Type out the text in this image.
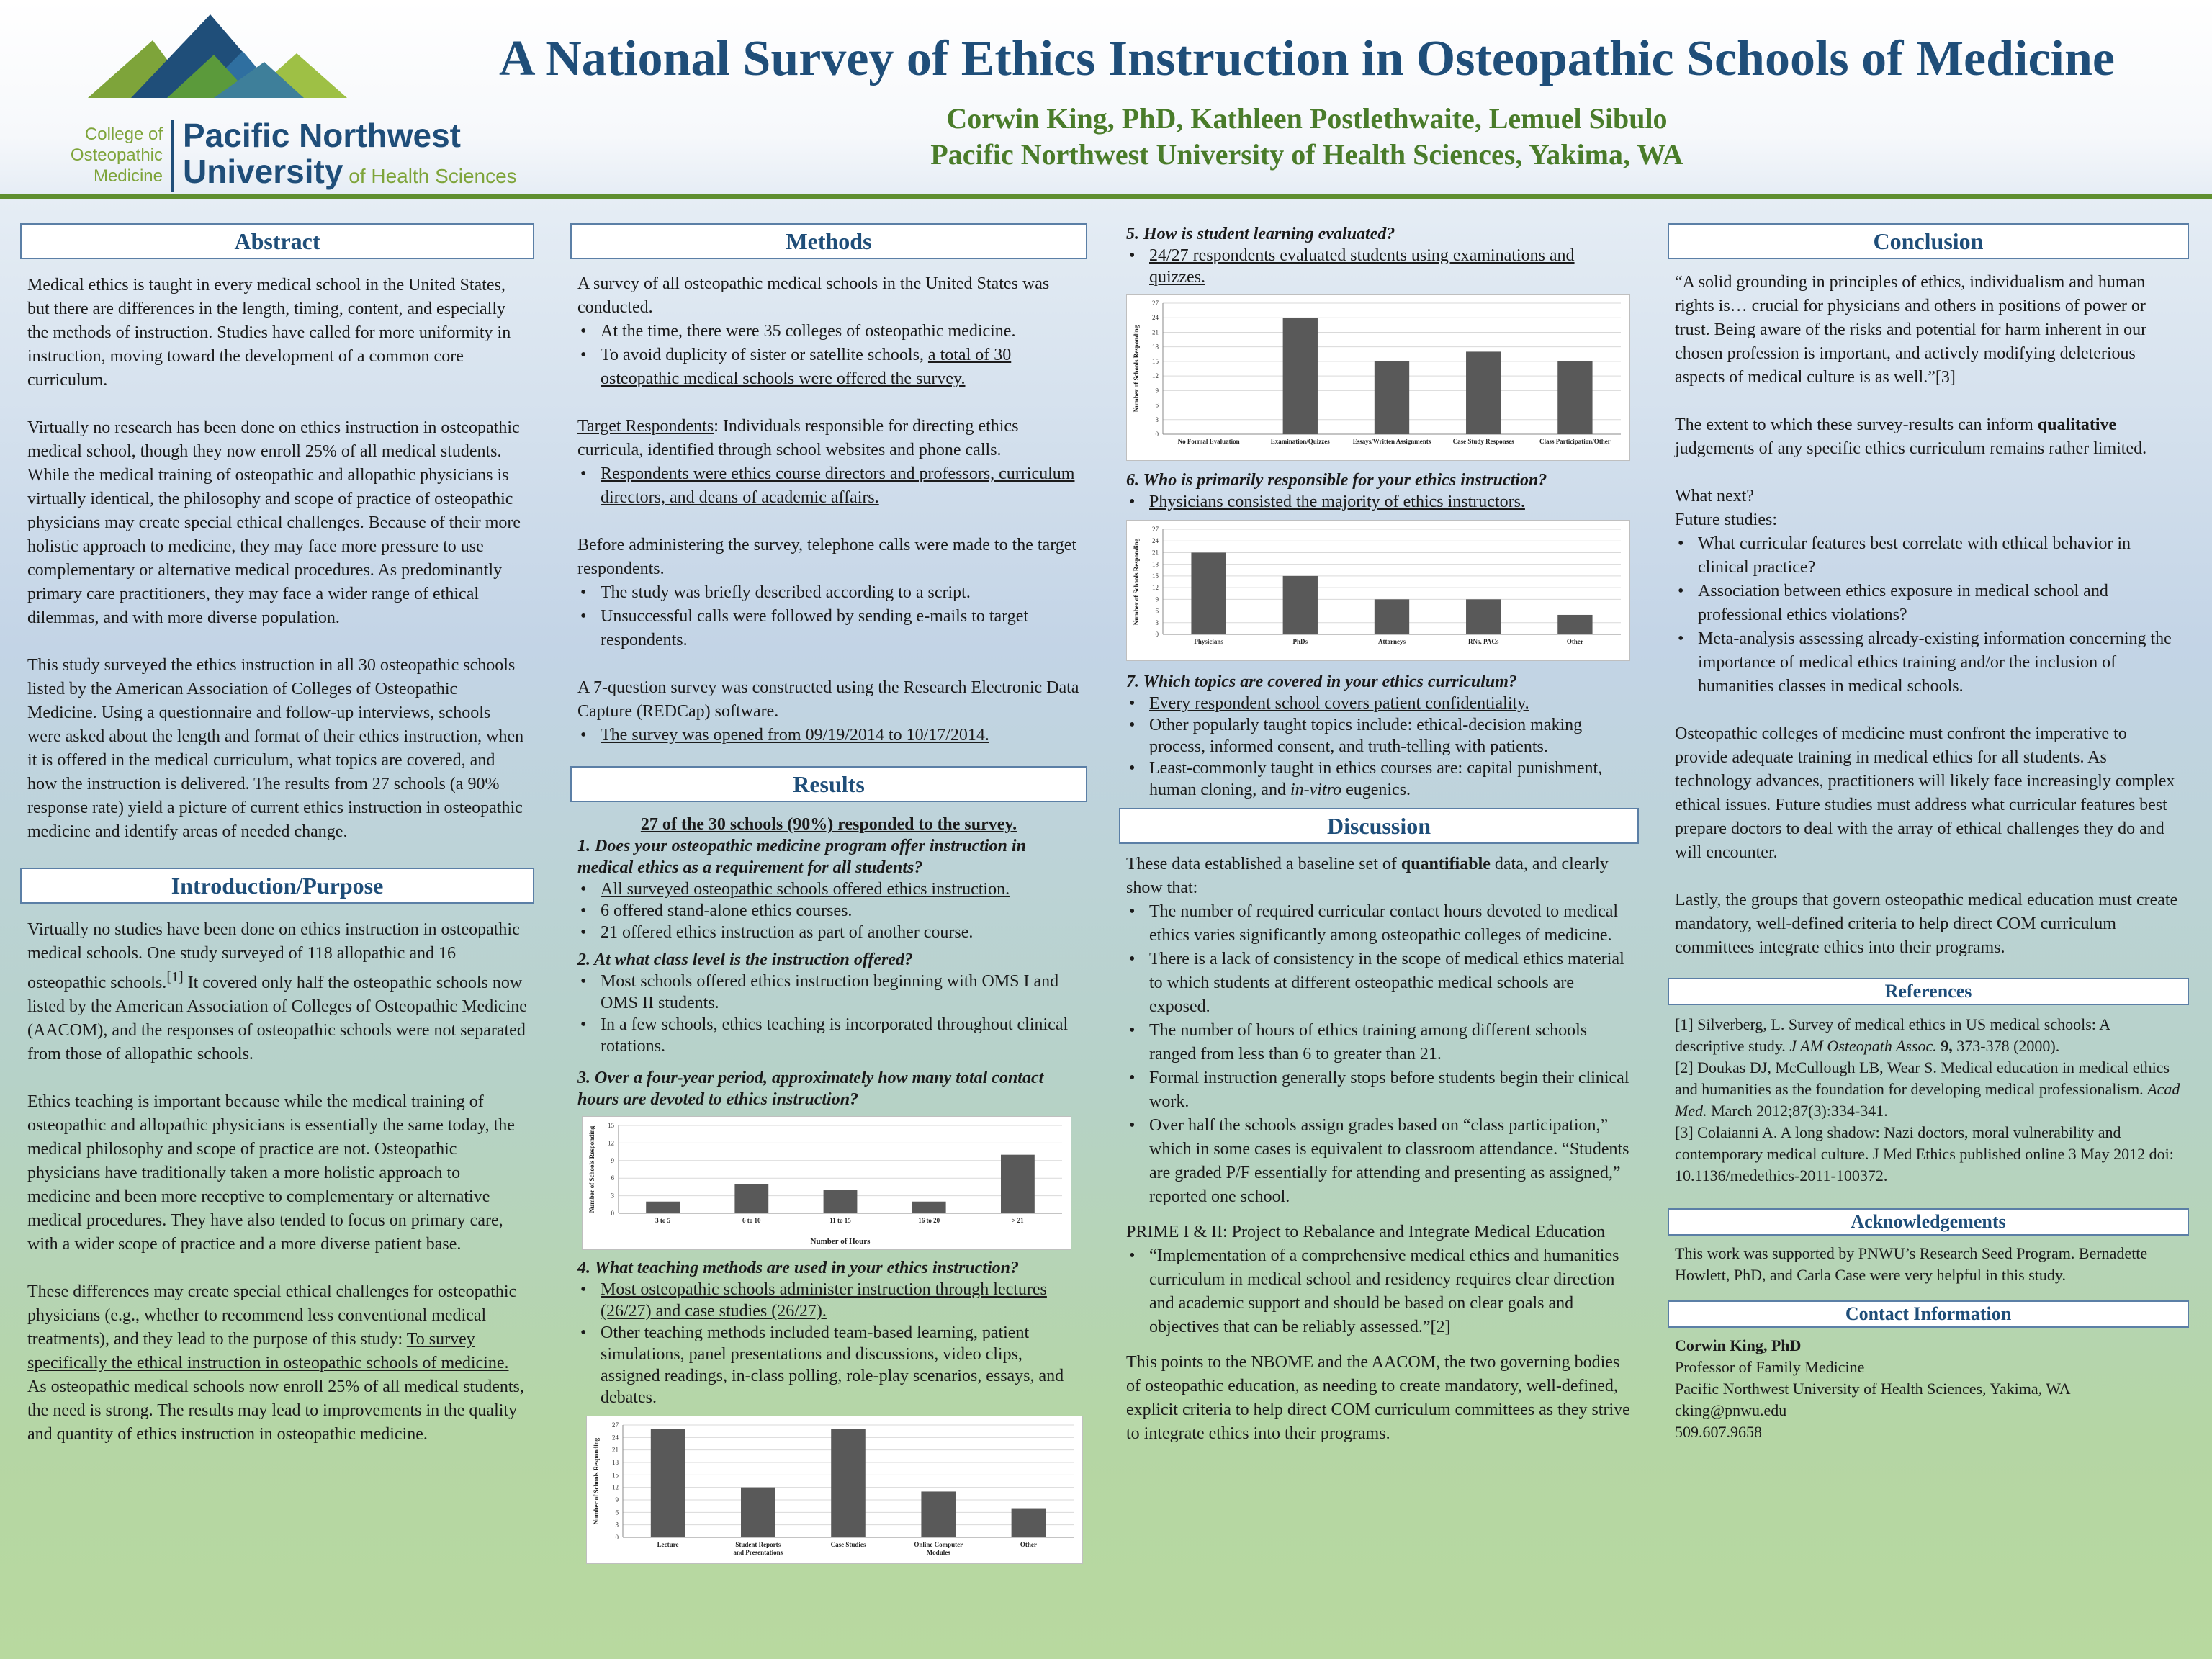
College of
Osteopathic
Medicine
Pacific Northwest
University of Health Sciences
A National Survey of Ethics Instruction in Osteopathic Schools of Medicine
Corwin King, PhD, Kathleen Postlethwaite, Lemuel Sibulo
Pacific Northwest University of Health Sciences, Yakima, WA
Abstract

Medical ethics is taught in every medical school in the United States, but there are differences in the length, timing, content, and especially the methods of instruction. Studies have called for more uniformity in instruction, moving toward the development of a common core curriculum.

Virtually no research has been done on ethics instruction in osteopathic medical school, though they now enroll 25% of all medical students. While the medical training of osteopathic and allopathic physicians is virtually identical, the philosophy and scope of practice of osteopathic physicians may create special ethical challenges. Because of their more holistic approach to medicine, they may face more pressure to use complementary or alternative medical procedures. As predominantly primary care practitioners, they may face a wider range of ethical dilemmas, and with more diverse population.

This study surveyed the ethics instruction in all 30 osteopathic schools listed by the American Association of Colleges of Osteopathic Medicine. Using a questionnaire and follow-up interviews, schools were asked about the length and format of their ethics instruction, when it is offered in the medical curriculum, what topics are covered, and how the instruction is delivered. The results from 27 schools (a 90% response rate) yield a picture of current ethics instruction in osteopathic medicine and identify areas of needed change.

Introduction/Purpose

Virtually no studies have been done on ethics instruction in osteopathic medical schools. One study surveyed of 118 allopathic and 16 osteopathic schools.[1] It covered only half the osteopathic schools now listed by the American Association of Colleges of Osteopathic Medicine (AACOM), and the responses of osteopathic schools were not separated from those of allopathic schools.

Ethics teaching is important because while the medical training of osteopathic and allopathic physicians is essentially the same today, the medical philosophy and scope of practice are not. Osteopathic physicians have traditionally taken a more holistic approach to medicine and been more receptive to complementary or alternative medical procedures. They have also tended to focus on primary care, with a wider scope of practice and a more diverse patient base.

These differences may create special ethical challenges for osteopathic physicians (e.g., whether to recommend less conventional medical treatments), and they lead to the purpose of this study: To survey specifically the ethical instruction in osteopathic schools of medicine. As osteopathic medical schools now enroll 25% of all medical students, the need is strong. The results may lead to improvements in the quality and quantity of ethics instruction in osteopathic medicine.

Methods
A survey of all osteopathic medical schools in the United States was conducted.
• At the time, there were 35 colleges of osteopathic medicine.
• To avoid duplicity of sister or satellite schools, a total of 30 osteopathic medical schools were offered the survey.
Target Respondents: Individuals responsible for directing ethics curricula, identified through school websites and phone calls.
• Respondents were ethics course directors and professors, curriculum directors, and deans of academic affairs.
Before administering the survey, telephone calls were made to the target respondents.
• The study was briefly described according to a script.
• Unsuccessful calls were followed by sending e-mails to target respondents.
A 7-question survey was constructed using the Research Electronic Data Capture (REDCap) software.
• The survey was opened from 09/19/2014 to 10/17/2014.
Results
27 of the 30 schools (90%) responded to the survey.
1. Does your osteopathic medicine program offer instruction in medical ethics as a requirement for all students?
• All surveyed osteopathic schools offered ethics instruction.
• 6 offered stand-alone ethics courses.
• 21 offered ethics instruction as part of another course.
2. At what class level is the instruction offered?
• Most schools offered ethics instruction beginning with OMS I and OMS II students.
• In a few schools, ethics teaching is incorporated throughout clinical rotations.
3. Over a four-year period, approximately how many total contact hours are devoted to ethics instruction?
0
3
6
9
12
15
3 to 5	6 to 10	11 to 15	16 to 20	> 21
Number of Hours
Number of Schools Responding
4. What teaching methods are used in your ethics instruction?
• Most osteopathic schools administer instruction through lectures (26/27) and case studies (26/27).
• Other teaching methods included team-based learning, patient simulations, panel presentations and discussions, video clips, assigned readings, in-class polling, role-play scenarios, essays, and debates.
0
3
6
9
12
15
18
21
24
27
Lecture	Student Reports
and Presentations
Case Studies	Online Computer
Modules
Other
Number of Schools Responding
5. How is student learning evaluated?
• 24/27 respondents evaluated students using examinations and quizzes.
0
3
6
9
12
15
18
21
24
27
No Formal Evaluation	Examination/Quizzes	Essays/Written Assignments	Case Study Responses	Class Participation/Other
Number of Schools Responding
6. Who is primarily responsible for your ethics instruction?
• Physicians consisted the majority of ethics instructors.
0
3
6
9
12
15
18
21
24
27
Physicians	PhDs	Attorneys	RNs, PACs	Other
Number of Schools Responding
7. Which topics are covered in your ethics curriculum?
• Every respondent school covers patient confidentiality.
• Other popularly taught topics include: ethical-decision making process, informed consent, and truth-telling with patients.
• Least-commonly taught in ethics courses are: capital punishment, human cloning, and in-vitro eugenics.
Discussion
These data established a baseline set of quantifiable data, and clearly show that:
• The number of required curricular contact hours devoted to medical ethics varies significantly among osteopathic colleges of medicine.
• There is a lack of consistency in the scope of medical ethics material to which students at different osteopathic medical schools are exposed.
• The number of hours of ethics training among different schools ranged from less than 6 to greater than 21.
• Formal instruction generally stops before students begin their clinical work.
• Over half the schools assign grades based on “class participation,” which in some cases is equivalent to classroom attendance. “Students are graded P/F essentially for attending and presenting as assigned,” reported one school.
PRIME I & II: Project to Rebalance and Integrate Medical Education
• “Implementation of a comprehensive medical ethics and humanities curriculum in medical school and residency requires clear direction and academic support and should be based on clear goals and objectives that can be reliably assessed.”[2]
This points to the NBOME and the AACOM, the two governing bodies of osteopathic education, as needing to create mandatory, well-defined, explicit criteria to help direct COM curriculum committees as they strive to integrate ethics into their programs.
Conclusion

“A solid grounding in principles of ethics, individualism and human rights is… crucial for physicians and others in positions of power or trust. Being aware of the risks and potential for harm inherent in our chosen profession is important, and actively modifying deleterious aspects of medical culture is as well.”[3]

The extent to which these survey-results can inform qualitative judgements of any specific ethics curriculum remains rather limited.

What next?
Future studies:
• What curricular features best correlate with ethical behavior in clinical practice?
• Association between ethics exposure in medical school and professional ethics violations?
• Meta-analysis assessing already-existing information concerning the importance of medical ethics training and/or the inclusion of humanities classes in medical schools.

Osteopathic colleges of medicine must confront the imperative to provide adequate training in medical ethics for all students. As technology advances, practitioners will likely face increasingly complex ethical issues. Future studies must address what curricular features best prepare doctors to deal with the array of ethical challenges they do and will encounter.

Lastly, the groups that govern osteopathic medical education must create mandatory, well-defined criteria to help direct COM curriculum committees integrate ethics into their programs.

References
[1] Silverberg, L. Survey of medical ethics in US medical schools: A descriptive study. J AM Osteopath Assoc. 9, 373-378 (2000).
[2] Doukas DJ, McCullough LB, Wear S. Medical education in medical ethics and humanities as the foundation for developing medical professionalism. Acad Med. March 2012;87(3):334-341.
[3] Colaianni A. A long shadow: Nazi doctors, moral vulnerability and contemporary medical culture. J Med Ethics published online 3 May 2012 doi: 10.1136/medethics-2011-100372.
Acknowledgements
This work was supported by PNWU’s Research Seed Program. Bernadette Howlett, PhD, and Carla Case were very helpful in this study.
Contact Information
Corwin King, PhD
Professor of Family Medicine
Pacific Northwest University of Health Sciences, Yakima, WA
cking@pnwu.edu
509.607.9658
